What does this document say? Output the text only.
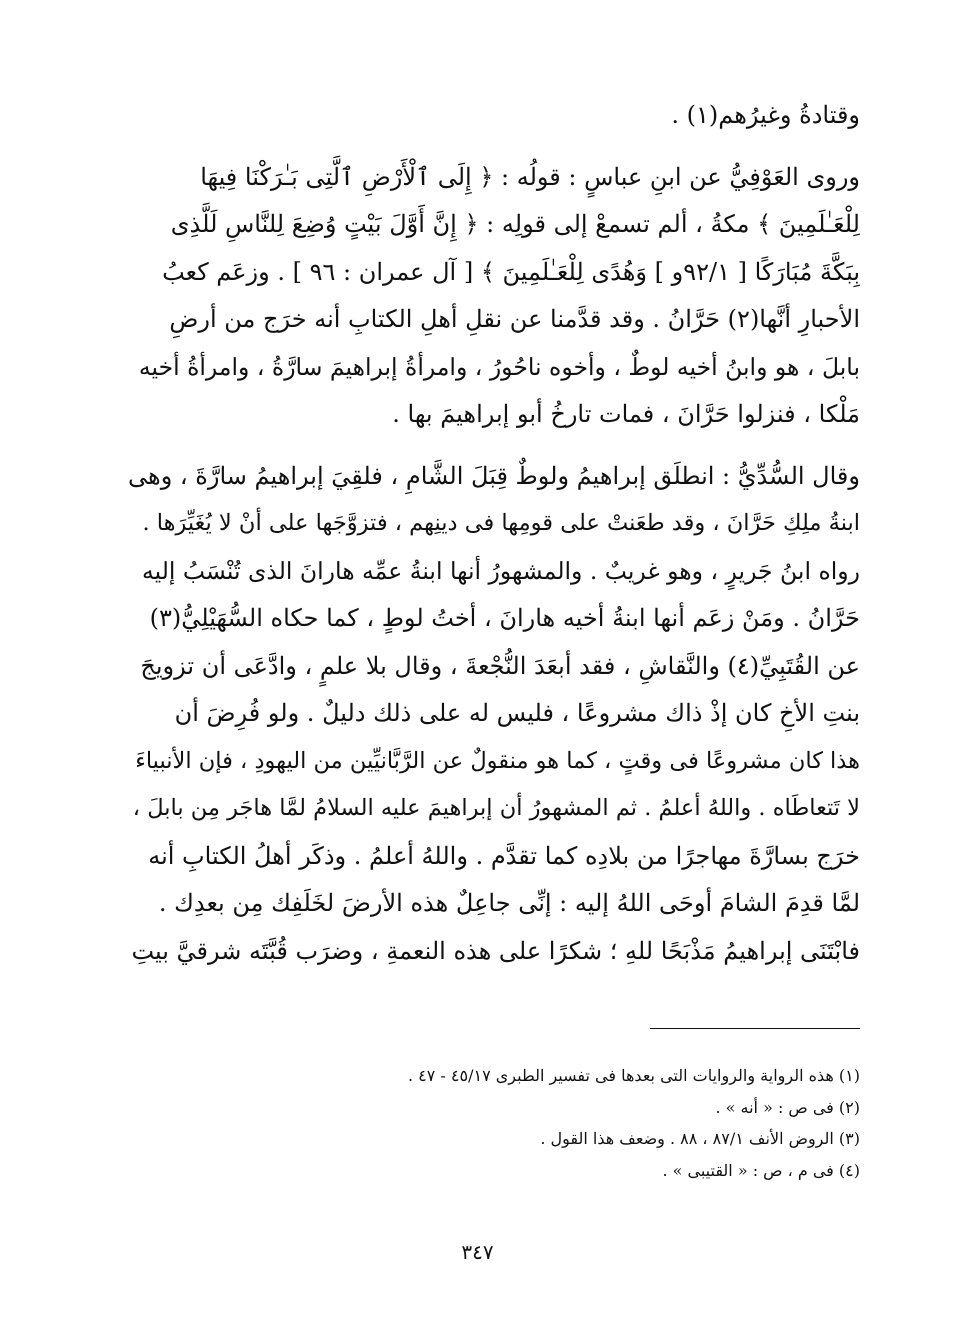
وقتادةُ وغيرُهم(١) .

وروى العَوْفِيُّ عن ابنِ عباسٍ : قولُه : ﴿ إِلَى ٱلْأَرْضِ ٱلَّتِى بَـٰرَكْنَا فِيهَا
لِلْعَـٰلَمِينَ ﴾ مكةُ ، ألم تسمعْ إلى قولِه : ﴿ إِنَّ أَوَّلَ بَيْتٍ وُضِعَ لِلنَّاسِ لَلَّذِى
بِبَكَّةَ مُبَارَكًا [ ٩٢/١و ] وَهُدًى لِلْعَـٰلَمِينَ ﴾ [ آل عمران : ٩٦ ] . وزعَم كعبُ
الأحبارِ أنَّها(٢) حَرَّانُ . وقد قدَّمنا عن نقلِ أهلِ الكتابِ أنه خرَج من أرضِ
بابلَ ، هو وابنُ أخيه لوطٌ ، وأخوه ناحُورُ ، وامرأةُ إبراهيمَ سارَّةُ ، وامرأةُ أخيه
مَلْكا ، فنزلوا حَرَّانَ ، فمات تارخُ أبو إبراهيمَ بها .

وقال السُّدِّيُّ : انطلَق إبراهيمُ ولوطٌ قِبَلَ الشَّامِ ، فلقِيَ إبراهيمُ سارَّةَ ، وهى
ابنةُ ملِكِ حَرَّانَ ، وقد طعَنتْ على قومِها فى دينِهم ، فتزوَّجَها على أنْ لا يُغَيِّرَها .
رواه ابنُ جَريرٍ ، وهو غريبٌ . والمشهورُ أنها ابنةُ عمِّه هارانَ الذى تُنْسَبُ إليه
حَرَّانُ . ومَنْ زعَم أنها ابنةُ أخيه هارانَ ، أختُ لوطٍ ، كما حكاه السُّهَيْلِيُّ(٣)
عن القُتَبِيِّ(٤) والنَّقاشِ ، فقد أبعَدَ النُّجْعةَ ، وقال بلا علمٍ ، وادَّعَى أن تزويجَ
بنتِ الأخِ كان إذْ ذاك مشروعًا ، فليس له على ذلك دليلٌ . ولو فُرِضَ أن
هذا كان مشروعًا فى وقتٍ ، كما هو منقولٌ عن الرَّبَّانيِّين من اليهودِ ، فإن الأنبياءَ
لا تَتعاطَاه . واللهُ أعلمُ . ثم المشهورُ أن إبراهيمَ عليه السلامُ لمَّا هاجَر مِن بابلَ ،
خرَج بسارَّةَ مهاجرًا من بلادِه كما تقدَّم . واللهُ أعلمُ . وذكَر أهلُ الكتابِ أنه
لمَّا قدِمَ الشامَ أوحَى اللهُ إليه : إنِّى جاعِلٌ هذه الأرضَ لخَلَفِك مِن بعدِك .
فابْتَنَى إبراهيمُ مَذْبَحًا للهِ ؛ شكرًا على هذه النعمةِ ، وضرَب قُبَّتَه شرقيَّ بيتِ

(١) هذه الرواية والروايات التى بعدها فى تفسير الطبرى ٤٥/١٧ - ٤٧ .
(٢) فى ص : « أنه » .
(٣) الروض الأنف ٨٧/١ ، ٨٨ . وضعف هذا القول .
(٤) فى م ، ص : « القتيبى » .
٣٤٧
